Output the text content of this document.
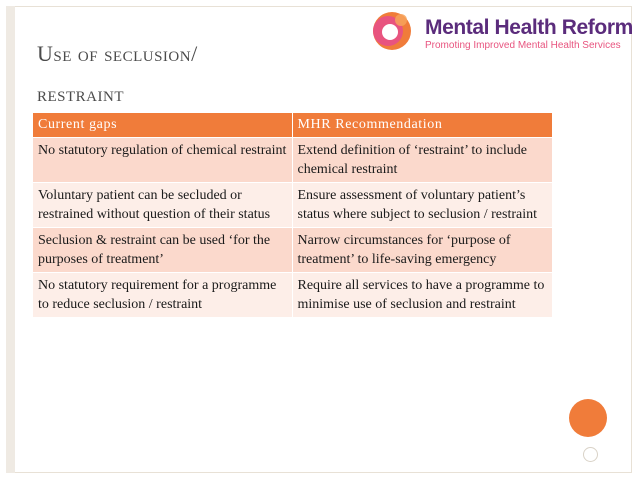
Use of seclusion/
restraint
Mental Health Reform
Promoting Improved Mental Health Services
Current gaps	MHR Recommendation
No statutory regulation of chemical restraint	Extend definition of ‘restraint’ to include chemical restraint
Voluntary patient can be secluded or restrained without question of their status	Ensure assessment of voluntary patient’s status where subject to seclusion / restraint
Seclusion & restraint can be used ‘for the purposes of treatment’	Narrow circumstances for ‘purpose of treatment’ to life-saving emergency
No statutory requirement for a programme to reduce seclusion / restraint	Require all services to have a programme to minimise use of seclusion and restraint
